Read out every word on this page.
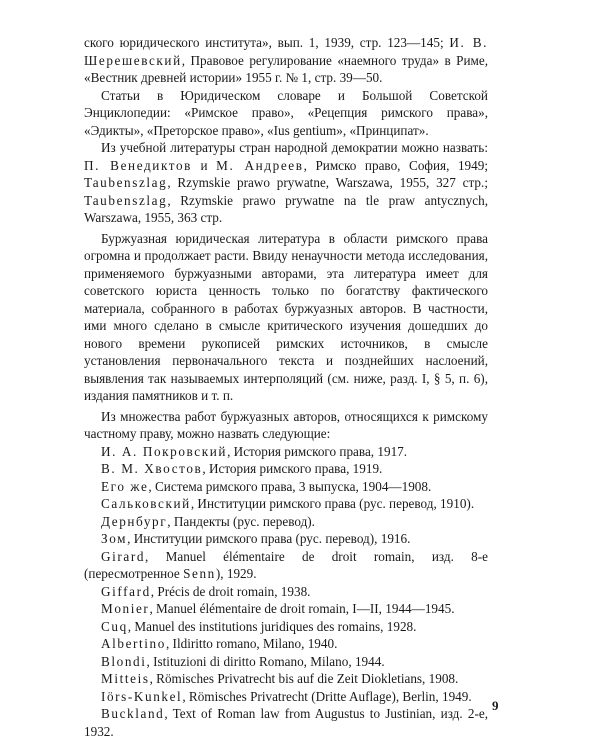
ского юридического института», вып. 1, 1939, стр. 123—145; И. В. Шерешевский, Правовое регулирование «наемного труда» в Риме, «Вестник древней истории» 1955 г. № 1, стр. 39—50.

Статьи в Юридическом словаре и Большой Советской Энциклопедии: «Римское право», «Рецепция римского права», «Эдикты», «Преторское право», «Ius gentium», «Принципат».

Из учебной литературы стран народной демократии можно назвать: П. Венедиктов и М. Андреев, Римско право, София, 1949; Taubenszlag, Rzymskie prawo prywatne, Warszawa, 1955, 327 стр.; Taubenszlag, Rzymskie prawo prywatne na tle praw antycznych, Warszawa, 1955, 363 стр.

Буржуазная юридическая литература в области римского права огромна и продолжает расти. Ввиду ненаучности метода исследования, применяемого буржуазными авторами, эта литература имеет для советского юриста ценность только по богатству фактического материала, собранного в работах буржуазных авторов. В частности, ими много сделано в смысле критического изучения дошедших до нового времени рукописей римских источников, в смысле установления первоначального текста и позднейших наслоений, выявления так называемых интерполяций (см. ниже, разд. I, § 5, п. 6), издания памятников и т. п.

Из множества работ буржуазных авторов, относящихся к римскому частному праву, можно назвать следующие:

И. А. Покровский, История римского права, 1917.

В. М. Хвостов, История римского права, 1919.

Его же, Система римского права, 3 выпуска, 1904—1908.

Сальковский, Институции римского права (рус. перевод, 1910).

Дернбург, Пандекты (рус. перевод).

Зом, Институции римского права (рус. перевод), 1916.

Girard, Manuel élémentaire de droit romain, изд. 8-е (пересмотренное Senn), 1929.

Giffard, Précis de droit romain, 1938.

Monier, Manuel élémentaire de droit romain, I—II, 1944—1945.

Cuq, Manuel des institutions juridiques des romains, 1928.

Albertino, Ildiritto romano, Milano, 1940.

Blondi, Istituzioni di diritto Romano, Milano, 1944.

Mitteis, Römisches Privatrecht bis auf die Zeit Diokletians, 1908.

Iörs-Kunkel, Römisches Privatrecht (Dritte Auflage), Berlin, 1949.

Buckland, Text of Roman law from Augustus to Justinian, изд. 2-е, 1932.

9
